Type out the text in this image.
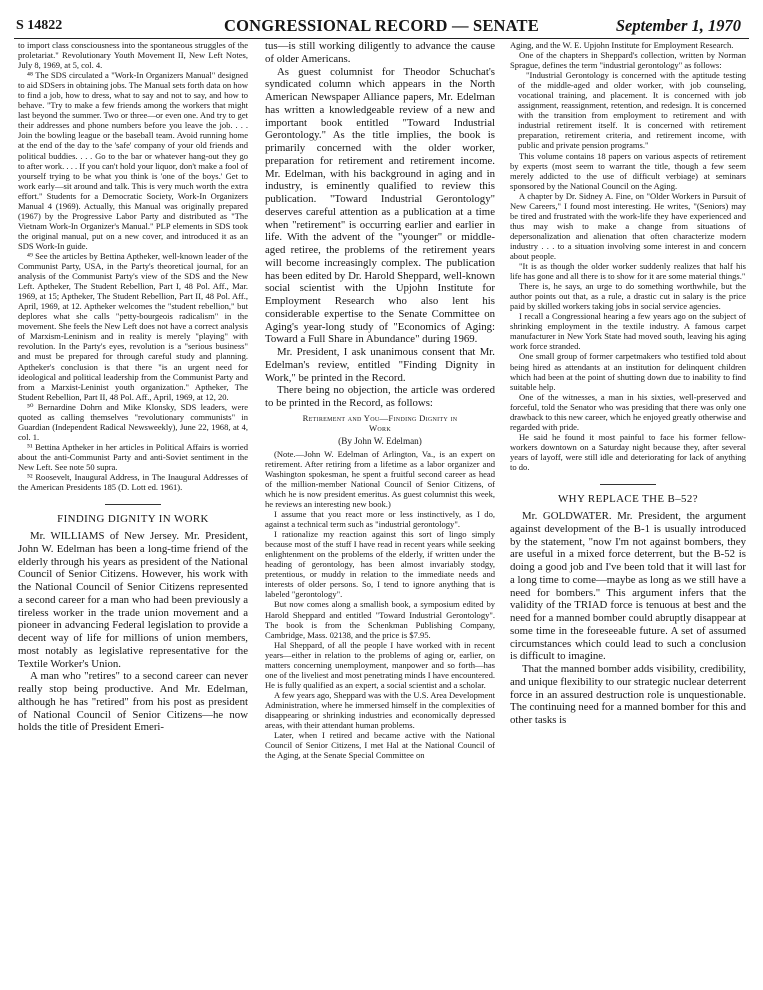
S 14822	CONGRESSIONAL RECORD — SENATE	September 1, 1970

to import class consciousness into the spontaneous struggles of the proletariat." Revolutionary Youth Movement II, New Left Notes, July 8, 1969, at 5, col. 4.

⁴⁸ The SDS circulated a "Work-In Organizers Manual" designed to aid SDSers in obtaining jobs. The Manual sets forth data on how to find a job, how to dress, what to say and not to say, and how to behave. "Try to make a few friends among the workers that might last beyond the summer. Two or three—or even one. And try to get their addresses and phone numbers before you leave the job. . . . Join the bowling league or the baseball team. Avoid running home at the end of the day to the 'safe' company of your old friends and political buddies. . . . Go to the bar or whatever hang-out they go to after work. . . . If you can't hold your liquor, don't make a fool of yourself trying to be what you think is 'one of the boys.' Get to work early—sit around and talk. This is very much worth the extra effort." Students for a Democratic Society, Work-In Organizers Manual 4 (1969). Actually, this Manual was originally prepared (1967) by the Progressive Labor Party and distributed as "The Vietnam Work-In Organizer's Manual." PLP elements in SDS took the original manual, put on a new cover, and introduced it as an SDS Work-In guide.

⁴⁹ See the articles by Bettina Aptheker, well-known leader of the Communist Party, USA, in the Party's theoretical journal, for an analysis of the Communist Party's view of the SDS and the New Left. Aptheker, The Student Rebellion, Part I, 48 Pol. Aff., Mar. 1969, at 15; Aptheker, The Student Rebellion, Part II, 48 Pol. Aff., April, 1969, at 12. Aptheker welcomes the "student rebellion," but deplores what she calls "petty-bourgeois radicalism" in the movement. She feels the New Left does not have a correct analysis of Marxism-Leninism and in reality is merely "playing" with revolution. In the Party's eyes, revolution is a "serious business" and must be prepared for through careful study and planning. Aptheker's conclusion is that there "is an urgent need for ideological and political leadership from the Communist Party and from a Marxist-Leninist youth organization." Aptheker, The Student Rebellion, Part II, 48 Pol. Aff., April, 1969, at 12, 20.

⁵⁰ Bernardine Dohrn and Mike Klonsky, SDS leaders, were quoted as calling themselves "revolutionary communists" in Guardian (Independent Radical Newsweekly), June 22, 1968, at 4, col. 1.

⁵¹ Bettina Aptheker in her articles in Political Affairs is worried about the anti-Communist Party and anti-Soviet sentiment in the New Left. See note 50 supra.

⁵² Roosevelt, Inaugural Address, in The Inaugural Addresses of the American Presidents 185 (D. Lott ed. 1961).

FINDING DIGNITY IN WORK

Mr. WILLIAMS of New Jersey. Mr. President, John W. Edelman has been a long-time friend of the elderly through his years as president of the National Council of Senior Citizens. However, his work with the National Council of Senior Citizens represented a second career for a man who had been previously a tireless worker in the trade union movement and a pioneer in advancing Federal legislation to provide a decent way of life for millions of union members, most notably as legislative representative for the Textile Worker's Union.

A man who "retires" to a second career can never really stop being productive. And Mr. Edelman, although he has "retired" from his post as president of National Council of Senior Citizens—he now holds the title of President Emeri-

tus—is still working diligently to advance the cause of older Americans.

As guest columnist for Theodor Schuchat's syndicated column which appears in the North American Newspaper Alliance papers, Mr. Edelman has written a knowledgeable review of a new and important book entitled "Toward Industrial Gerontology." As the title implies, the book is primarily concerned with the older worker, preparation for retirement and retirement income. Mr. Edelman, with his background in aging and in industry, is eminently qualified to review this publication. "Toward Industrial Gerontology" deserves careful attention as a publication at a time when "retirement" is occurring earlier and earlier in life. With the advent of the "younger" or middle-aged retiree, the problems of the retirement years will become increasingly complex. The publication has been edited by Dr. Harold Sheppard, well-known social scientist with the Upjohn Institute for Employment Research who also lent his considerable expertise to the Senate Committee on Aging's year-long study of "Economics of Aging: Toward a Full Share in Abundance" during 1969.

Mr. President, I ask unanimous consent that Mr. Edelman's review, entitled "Finding Dignity in Work," be printed in the Record.

There being no objection, the article was ordered to be printed in the Record, as follows:

Retirement and You—Finding Dignity in
Work
(By John W. Edelman)

(Note.—John W. Edelman of Arlington, Va., is an expert on retirement. After retiring from a lifetime as a labor organizer and Washington spokesman, he spent a fruitful second career as head of the million-member National Council of Senior Citizens, of which he is now president emeritus. As guest columnist this week, he reviews an interesting new book.)

I assume that you react more or less instinctively, as I do, against a technical term such as "industrial gerontology".

I rationalize my reaction against this sort of lingo simply because most of the stuff I have read in recent years while seeking enlightenment on the problems of the elderly, if written under the heading of gerontology, has been almost invariably stodgy, pretentious, or muddy in relation to the immediate needs and interests of older persons. So, I tend to ignore anything that is labeled "gerontology".

But now comes along a smallish book, a symposium edited by Harold Sheppard and entitled "Toward Industrial Gerontology". The book is from the Schenkman Publishing Company, Cambridge, Mass. 02138, and the price is $7.95.

Hal Sheppard, of all the people I have worked with in recent years—either in relation to the problems of aging or, earlier, on matters concerning unemployment, manpower and so forth—has one of the liveliest and most penetrating minds I have encountered. He is fully qualified as an expert, a social scientist and a scholar.

A few years ago, Sheppard was with the U.S. Area Development Administration, where he immersed himself in the complexities of disappearing or shrinking industries and economically depressed areas, with their attendant human problems.

Later, when I retired and became active with the National Council of Senior Citizens, I met Hal at the National Council of the Aging, at the Senate Special Committee on

Aging, and the W. E. Upjohn Institute for Employment Research.

One of the chapters in Sheppard's collection, written by Norman Sprague, defines the term "industrial gerontology" as follows:

"Industrial Gerontology is concerned with the aptitude testing of the middle-aged and older worker, with job counseling, vocational training, and placement. It is concerned with job assignment, reassignment, retention, and redesign. It is concerned with the transition from employment to retirement and with industrial retirement itself. It is concerned with retirement preparation, retirement criteria, and retirement income, with public and private pension programs."

This volume contains 18 papers on various aspects of retirement by experts (most seem to warrant the title, though a few seem merely addicted to the use of difficult verbiage) at seminars sponsored by the National Council on the Aging.

A chapter by Dr. Sidney A. Fine, on "Older Workers in Pursuit of New Careers," I found most interesting. He writes, "(Seniors) may be tired and frustrated with the work-life they have experienced and thus may wish to make a change from situations of depersonalization and alienation that often characterize modern industry . . . to a situation involving some interest in and concern about people.

"It is as though the older worker suddenly realizes that half his life has gone and all there is to show for it are some material things."

There is, he says, an urge to do something worthwhile, but the author points out that, as a rule, a drastic cut in salary is the price paid by skilled workers taking jobs in social service agencies.

I recall a Congressional hearing a few years ago on the subject of shrinking employment in the textile industry. A famous carpet manufacturer in New York State had moved south, leaving his aging work force stranded.

One small group of former carpetmakers who testified told about being hired as attendants at an institution for delinquent children which had been at the point of shutting down due to inability to find suitable help.

One of the witnesses, a man in his sixties, well-preserved and forceful, told the Senator who was presiding that there was only one drawback to this new career, which he enjoyed greatly otherwise and regarded with pride.

He said he found it most painful to face his former fellow-workers downtown on a Saturday night because they, after several years of layoff, were still idle and deteriorating for lack of anything to do.

WHY REPLACE THE B–52?

Mr. GOLDWATER. Mr. President, the argument against development of the B-1 is usually introduced by the statement, "now I'm not against bombers, they are useful in a mixed force deterrent, but the B-52 is doing a good job and I've been told that it will last for a long time to come—maybe as long as we still have a need for bombers." This argument infers that the validity of the TRIAD force is tenuous at best and the need for a manned bomber could abruptly disappear at some time in the foreseeable future. A set of assumed circumstances which could lead to such a conclusion is difficult to imagine.

That the manned bomber adds visibility, credibility, and unique flexibility to our strategic nuclear deterrent force in an assured destruction role is unquestionable. The continuing need for a manned bomber for this and other tasks is
